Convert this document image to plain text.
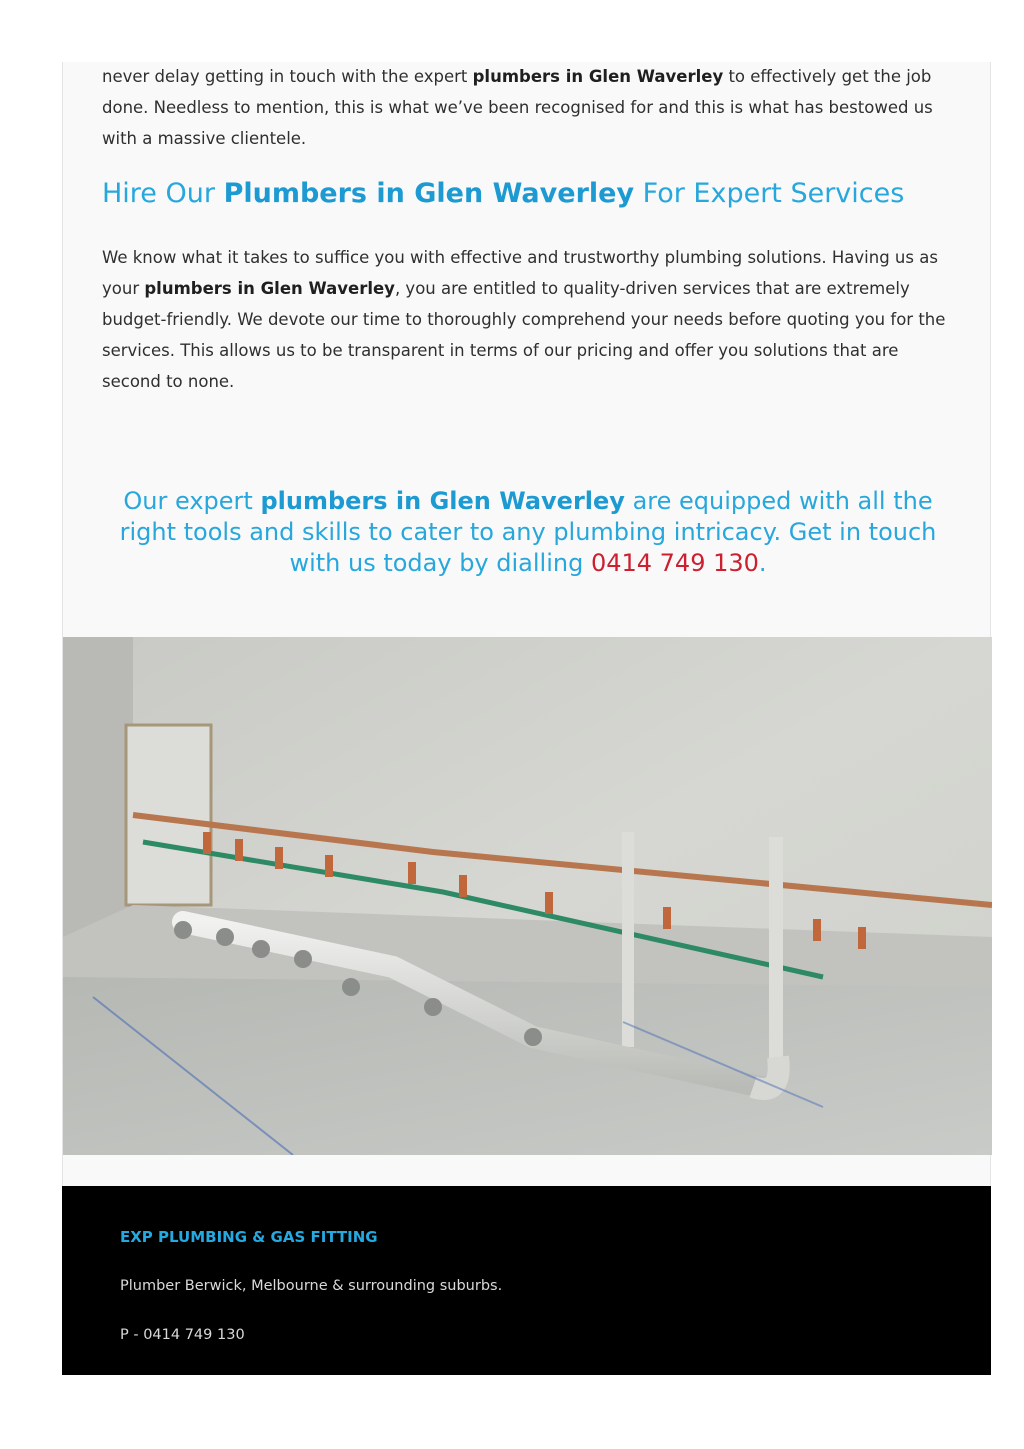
never delay getting in touch with the expert plumbers in Glen Waverley to effectively get the job done. Needless to mention, this is what we’ve been recognised for and this is what has bestowed us with a massive clientele.

Hire Our Plumbers in Glen Waverley For Expert Services

We know what it takes to suffice you with effective and trustworthy plumbing solutions. Having us as your plumbers in Glen Waverley, you are entitled to quality-driven services that are extremely budget-friendly. We devote our time to thoroughly comprehend your needs before quoting you for the services. This allows us to be transparent in terms of our pricing and offer you solutions that are second to none.

Our expert plumbers in Glen Waverley are equipped with all the right tools and skills to cater to any plumbing intricacy. Get in touch with us today by dialling 0414 749 130.

EXP PLUMBING & GAS FITTING

Plumber Berwick, Melbourne & surrounding suburbs.

P - 0414 749 130
